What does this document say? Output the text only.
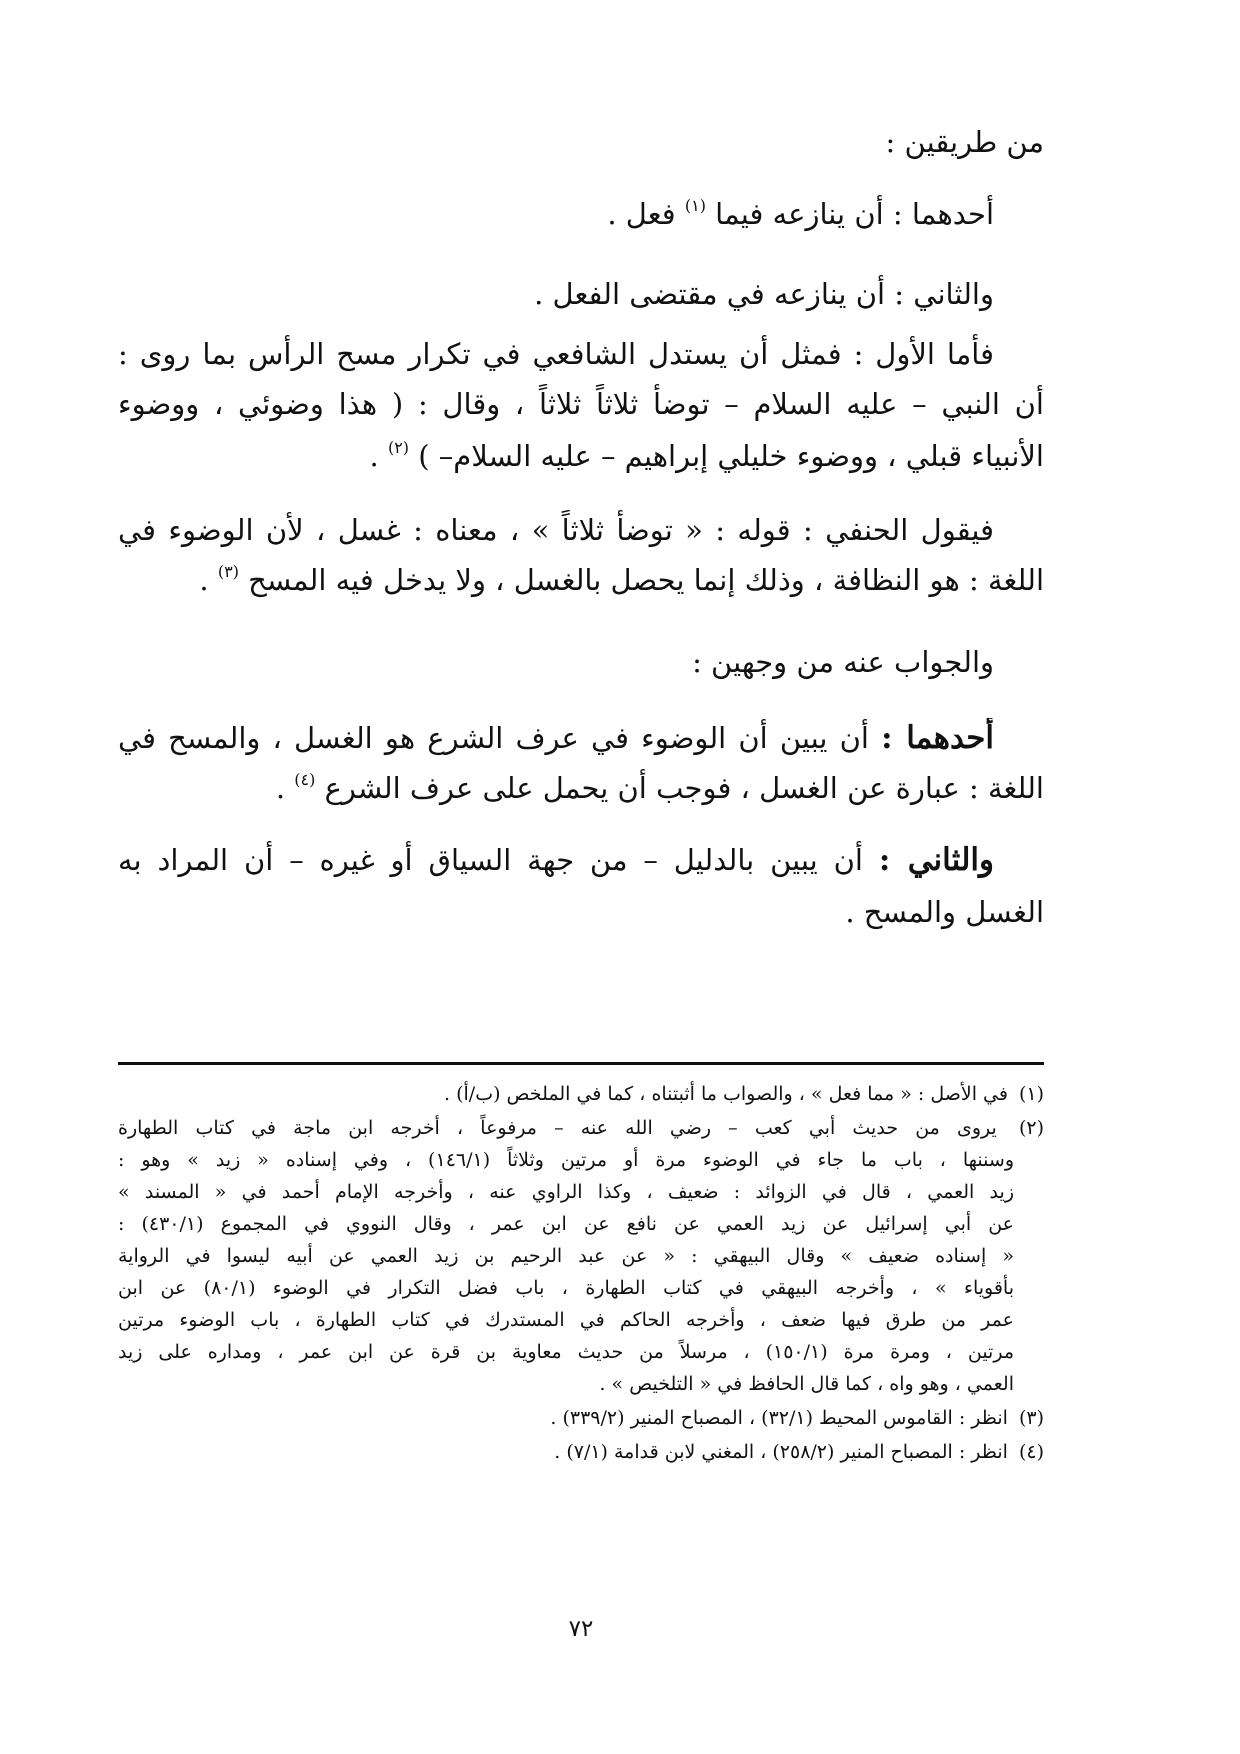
من طريقين :
أحدهما : أن ينازعه فيما $^{(١)}$ فعل .
والثاني : أن ينازعه في مقتضى الفعل .
فأما الأول : فمثل أن يستدل الشافعي في تكرار مسح الرأس بما روى :
أن النبي – عليه السلام – توضأ ثلاثاً ثلاثاً ، وقال : ( هذا وضوئي ، ووضوء
الأنبياء قبلي ، ووضوء خليلي إبراهيم – عليه السلام– ) $^{(٢)}$ .
فيقول الحنفي : قوله : « توضأ ثلاثاً » ، معناه : غسل ، لأن الوضوء في
اللغة : هو النظافة ، وذلك إنما يحصل بالغسل ، ولا يدخل فيه المسح $^{(٣)}$ .
والجواب عنه من وجهين :
أحدهما : أن يبين أن الوضوء في عرف الشرع هو الغسل ، والمسح في
اللغة : عبارة عن الغسل ، فوجب أن يحمل على عرف الشرع $^{(٤)}$ .
والثاني : أن يبين بالدليل – من جهة السياق أو غيره – أن المراد به
الغسل والمسح .
(١) في الأصل : « مما فعل » ، والصواب ما أثبتناه ، كما في الملخص (ب/أ) .
(٢) يروى من حديث أبي كعب – رضي الله عنه – مرفوعاً ، أخرجه ابن ماجة في كتاب الطهارة
وسننها ، باب ما جاء في الوضوء مرة أو مرتين وثلاثاً (١٤٦/١) ، وفي إسناده « زيد » وهو :
زيد العمي ، قال في الزوائد : ضعيف ، وكذا الراوي عنه ، وأخرجه الإمام أحمد في « المسند »
عن أبي إسرائيل عن زيد العمي عن نافع عن ابن عمر ، وقال النووي في المجموع (٤٣٠/١) :
« إسناده ضعيف » وقال البيهقي : « عن عبد الرحيم بن زيد العمي عن أبيه ليسوا في الرواية
بأقوياء » ، وأخرجه البيهقي في كتاب الطهارة ، باب فضل التكرار في الوضوء (٨٠/١) عن ابن
عمر من طرق فيها ضعف ، وأخرجه الحاكم في المستدرك في كتاب الطهارة ، باب الوضوء مرتين
مرتين ، ومرة مرة (١٥٠/١) ، مرسلاً من حديث معاوية بن قرة عن ابن عمر ، ومداره على زيد
العمي ، وهو واه ، كما قال الحافظ في « التلخيص » .
(٣) انظر : القاموس المحيط (٣٢/١) ، المصباح المنير (٣٣٩/٢) .
(٤) انظر : المصباح المنير (٢٥٨/٢) ، المغني لابن قدامة (٧/١) .
٧٢
